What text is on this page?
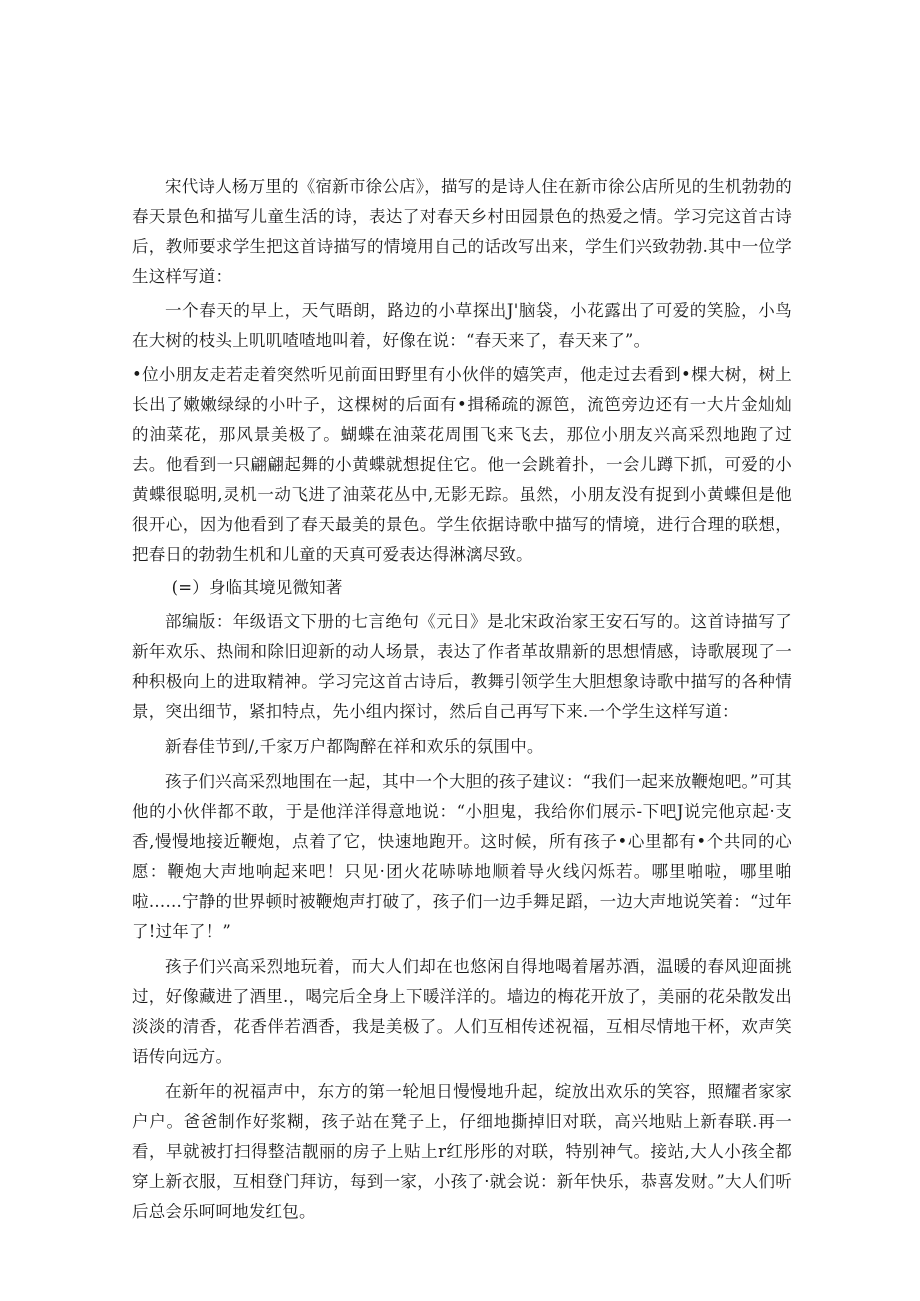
宋代诗人杨万里的《宿新市徐公店》，描写的是诗人住在新市徐公店所见的生机勃勃的春天景色和描写儿童生活的诗，表达了对春天乡村田园景色的热爱之情。学习完这首古诗后，教师要求学生把这首诗描写的情境用自己的话改写出来，学生们兴致勃勃.其中一位学生这样写道：

一个春天的早上，天气晤朗，路边的小草探出J'脑袋，小花露出了可爱的笑脸，小鸟在大树的枝头上叽叽喳喳地叫着，好像在说：“春天来了，春天来了”。

•位小朋友走若走着突然听见前面田野里有小伙伴的嬉笑声，他走过去看到•棵大树，树上长出了嫩嫩绿绿的小叶子，这棵树的后面有•揖稀疏的源笆，流笆旁边还有一大片金灿灿的油菜花，那风景美极了。蝴蝶在油菜花周围飞来飞去，那位小朋友兴高采烈地跑了过去。他看到一只翩翩起舞的小黄蝶就想捉住它。他一会跳着扑，一会儿蹲下抓，可爱的小黄蝶很聪明,灵机一动飞进了油菜花丛中,无影无踪。虽然，小朋友没有捉到小黄蝶但是他很开心，因为他看到了春天最美的景色。学生依据诗歌中描写的情境，进行合理的联想，把春日的勃勃生机和儿童的天真可爱表达得淋漓尽致。

(=）身临其境见微知著

部编版：年级语文下册的七言绝句《元日》是北宋政治家王安石写的。这首诗描写了新年欢乐、热闹和除旧迎新的动人场景，表达了作者革故鼎新的思想情感，诗歌展现了一种积极向上的进取精神。学习完这首古诗后，教舞引领学生大胆想象诗歌中描写的各种情景，突出细节，紧扣特点，先小组内探讨，然后自己再写下来.一个学生这样写道：

新春佳节到/,千家万户都陶醉在祥和欢乐的氛围中。

孩子们兴高采烈地围在一起，其中一个大胆的孩子建议：“我们一起来放鞭炮吧。”可其他的小伙伴都不敢，于是他洋洋得意地说：“小胆鬼，我给你们展示-下吧J说完他京起·支香,慢慢地接近鞭炮，点着了它，快速地跑开。这时候，所有孩子•心里都有•个共同的心愿：鞭炮大声地响起来吧！只见·团火花哧哧地顺着导火线闪烁若。哪里啪啦，哪里啪啦……宁静的世界顿时被鞭炮声打破了，孩子们一边手舞足蹈，一边大声地说笑着：“过年了!过年了！”

孩子们兴高采烈地玩着，而大人们却在也悠闲自得地喝着屠苏酒，温暖的春风迎面挑过，好像藏进了酒里.，喝完后全身上下暖洋洋的。墙边的梅花开放了，美丽的花朵散发出淡淡的清香，花香伴若酒香，我是美极了。人们互相传述祝福，互相尽情地干杯，欢声笑语传向远方。

在新年的祝福声中，东方的第一轮旭日慢慢地升起，绽放出欢乐的笑容，照耀者家家户户。爸爸制作好浆糊，孩子站在凳子上，仔细地撕掉旧对联，高兴地贴上新春联.再一看，早就被打扫得整洁靓丽的房子上贴上r红彤彤的对联，特别神气。接站,大人小孩全都穿上新衣服，互相登门拜访，每到一家，小孩了·就会说：新年快乐，恭喜发财。”大人们听后总会乐呵呵地发红包。
